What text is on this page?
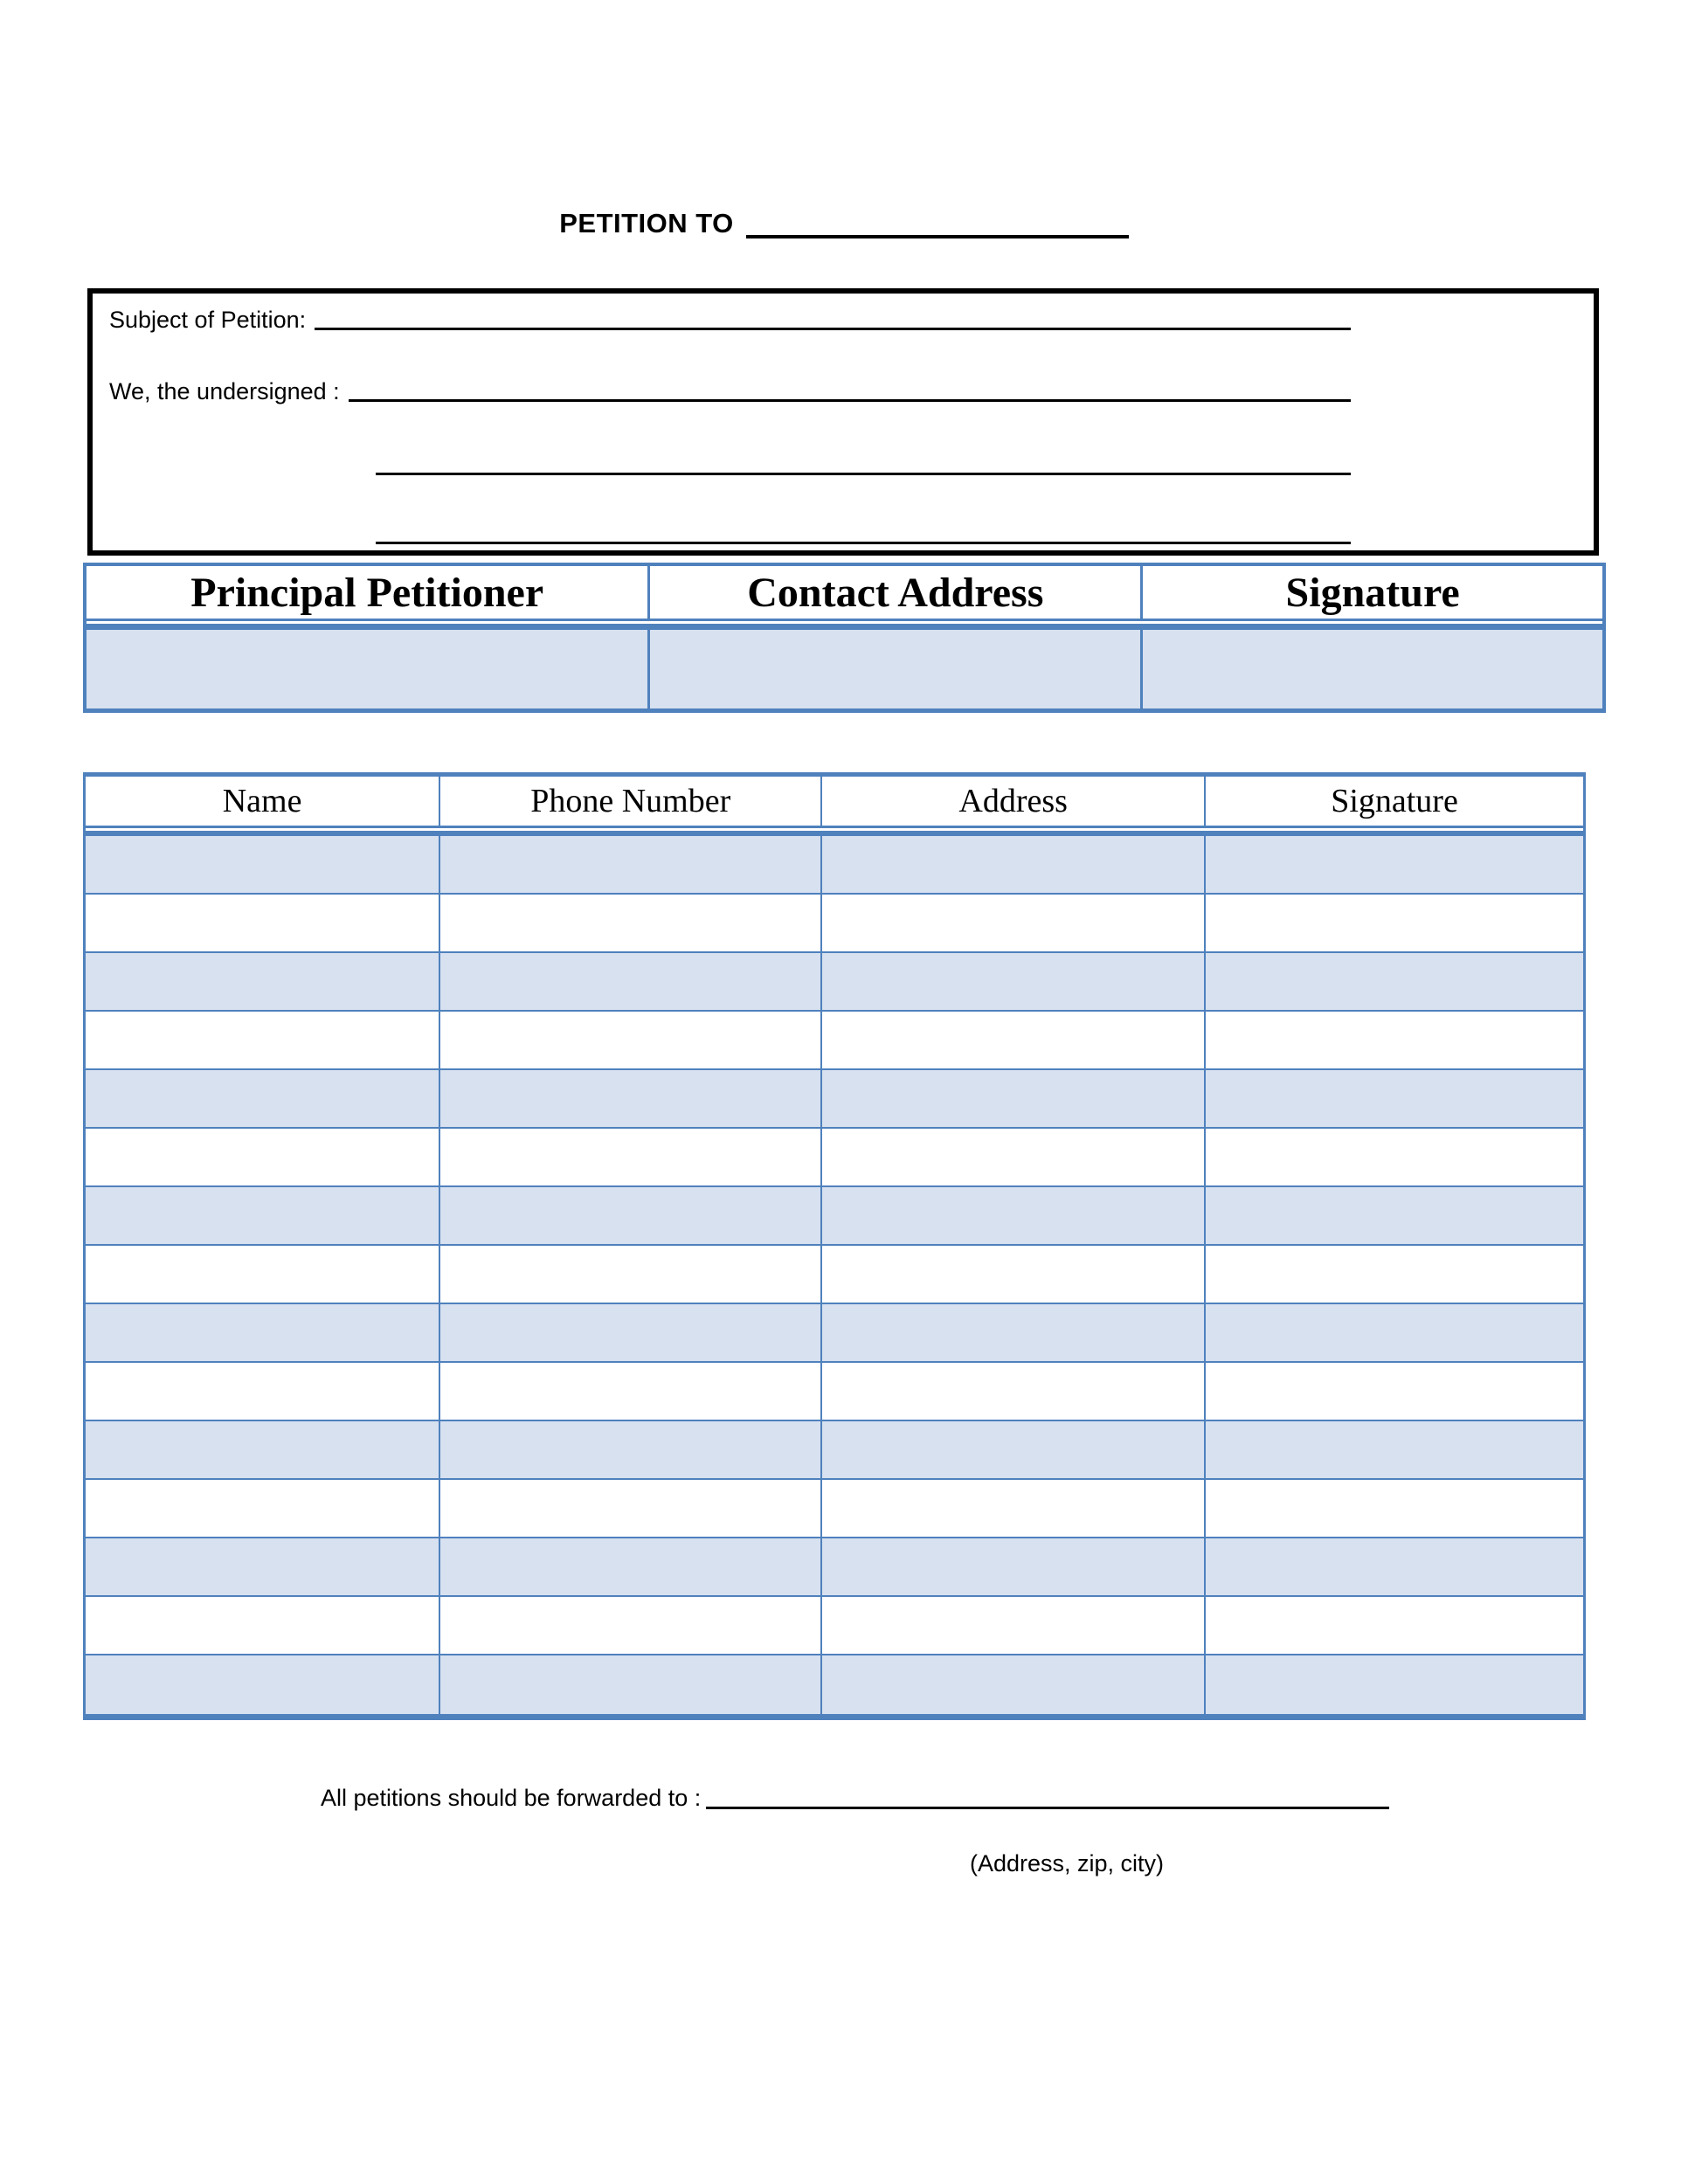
PETITION TO
Subject of Petition:
We, the undersigned :
Principal Petitioner	Contact Address	Signature
Name	Phone Number	Address	Signature
All petitions should be forwarded to :
(Address, zip, city)
